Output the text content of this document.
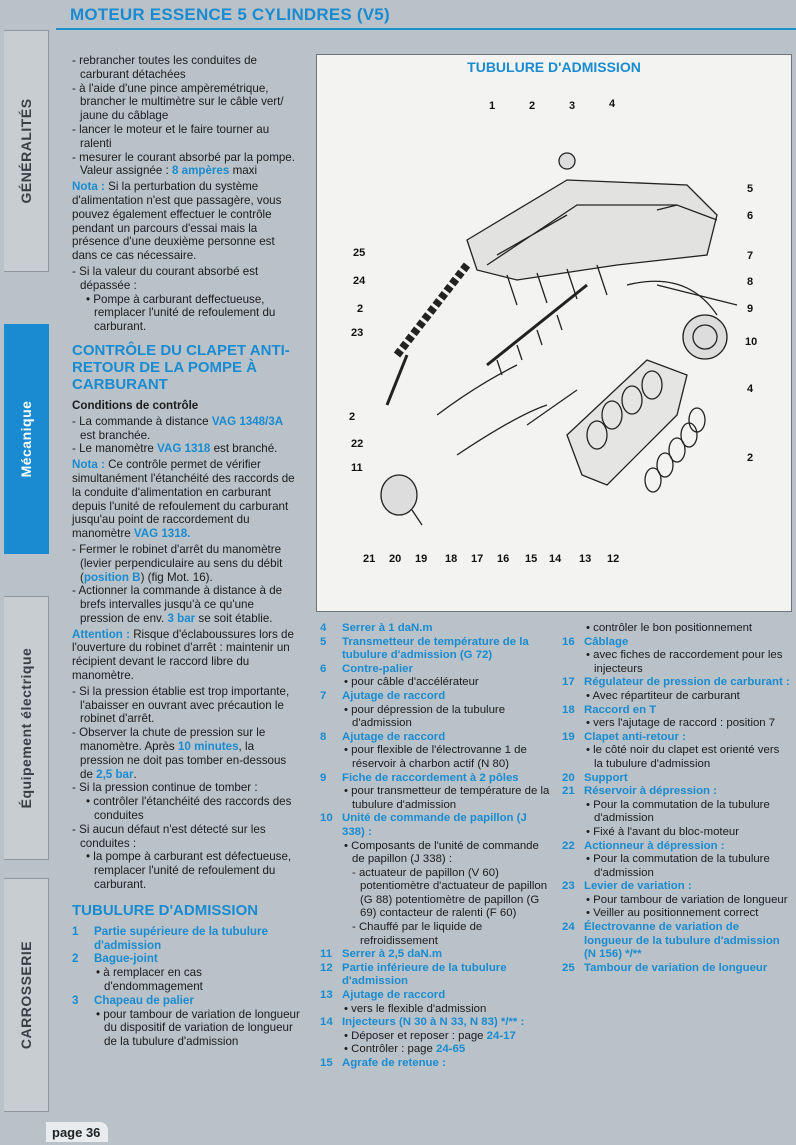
MOTEUR ESSENCE 5 CYLINDRES (V5)
GÉNÉRALITÉS
Mécanique
Équipement électrique
CARROSSERIE

- rebrancher toutes les conduites de carburant détachées

- à l'aide d'une pince ampèremétrique, brancher le multimètre sur le câble vert/ jaune du câblage

- lancer le moteur et le faire tourner au ralenti

- mesurer le courant absorbé par la pompe.

Valeur assignée : 8 ampères maxi

Nota : Si la perturbation du système d'alimentation n'est que passagère, vous pouvez également effectuer le contrôle pendant un parcours d'essai mais la présence d'une deuxième personne est dans ce cas nécessaire.

- Si la valeur du courant absorbé est dépassée :

• Pompe à carburant deffectueuse, remplacer l'unité de refoulement du carburant.

CONTRÔLE DU CLAPET ANTI-RETOUR DE LA POMPE À CARBURANT

Conditions de contrôle

- La commande à distance VAG 1348/3A est branchée.

- Le manomètre VAG 1318 est branché.

Nota : Ce contrôle permet de vérifier simultanément l'étanchéité des raccords de la conduite d'alimentation en carburant depuis l'unité de refoulement du carburant jusqu'au point de raccordement du manomètre VAG 1318.

- Fermer le robinet d'arrêt du manomètre (levier perpendiculaire au sens du débit (position B) (fig Mot. 16).

- Actionner la commande à distance à de brefs intervalles jusqu'à ce qu'une pression de env. 3 bar se soit établie.

Attention : Risque d'éclaboussures lors de l'ouverture du robinet d'arrêt : maintenir un récipient devant le raccord libre du manomètre.

- Si la pression établie est trop importante, l'abaisser en ouvrant avec précaution le robinet d'arrêt.

- Observer la chute de pression sur le manomètre. Après 10 minutes, la pression ne doit pas tomber en-dessous de 2,5 bar.

- Si la pression continue de tomber :

• contrôler l'étanchéité des raccords des conduites

- Si aucun défaut n'est détecté sur les conduites :

• la pompe à carburant est défectueuse, remplacer l'unité de refoulement du carburant.

TUBULURE D'ADMISSION

1 Partie supérieure de la tubulure d'admission

2 Bague-joint
• à remplacer en cas d'endommagement

3 Chapeau de palier
• pour tambour de variation de longueur du dispositif de variation de longueur de la tubulure d'admission

TUBULURE D'ADMISSION
1	2	3	4
5
6
7
8
9
10
4
2
25
24
2
23
2
22
11
21 20 19 18 17 16 15 14 13 12

4 Serrer à 1 daN.m

5 Transmetteur de température de la tubulure d'admission (G 72)

6 Contre-palier
• pour câble d'accélérateur

7 Ajutage de raccord
• pour dépression de la tubulure d'admission

8 Ajutage de raccord
• pour flexible de l'électrovanne 1 de réservoir à charbon actif (N 80)

9 Fiche de raccordement à 2 pôles
• pour transmetteur de température de la tubulure d'admission

10 Unité de commande de papillon (J 338) :
• Composants de l'unité de commande de papillon (J 338) :
- actuateur de papillon (V 60) potentiomètre d'actuateur de papillon (G 88) potentiomètre de papillon (G 69) contacteur de ralenti (F 60)
- Chauffé par le liquide de refroidissement

11 Serrer à 2,5 daN.m

12 Partie inférieure de la tubulure d'admission

13 Ajutage de raccord
• vers le flexible d'admission

14 Injecteurs (N 30 à N 33, N 83) */** :
• Déposer et reposer : page 24-17
• Contrôler : page 24-65

15 Agrafe de retenue :

• contrôler le bon positionnement

16 Câblage
• avec fiches de raccordement pour les injecteurs

17 Régulateur de pression de carburant :
• Avec répartiteur de carburant

18 Raccord en T
• vers l'ajutage de raccord : position 7

19 Clapet anti-retour :
• le côté noir du clapet est orienté vers la tubulure d'admission

20 Support

21 Réservoir à dépression :
• Pour la commutation de la tubulure d'admission
• Fixé à l'avant du bloc-moteur

22 Actionneur à dépression :
• Pour la commutation de la tubulure d'admission

23 Levier de variation :
• Pour tambour de variation de longueur
• Veiller au positionnement correct

24 Électrovanne de variation de longueur de la tubulure d'admission (N 156) */**

25 Tambour de variation de longueur

page 36
